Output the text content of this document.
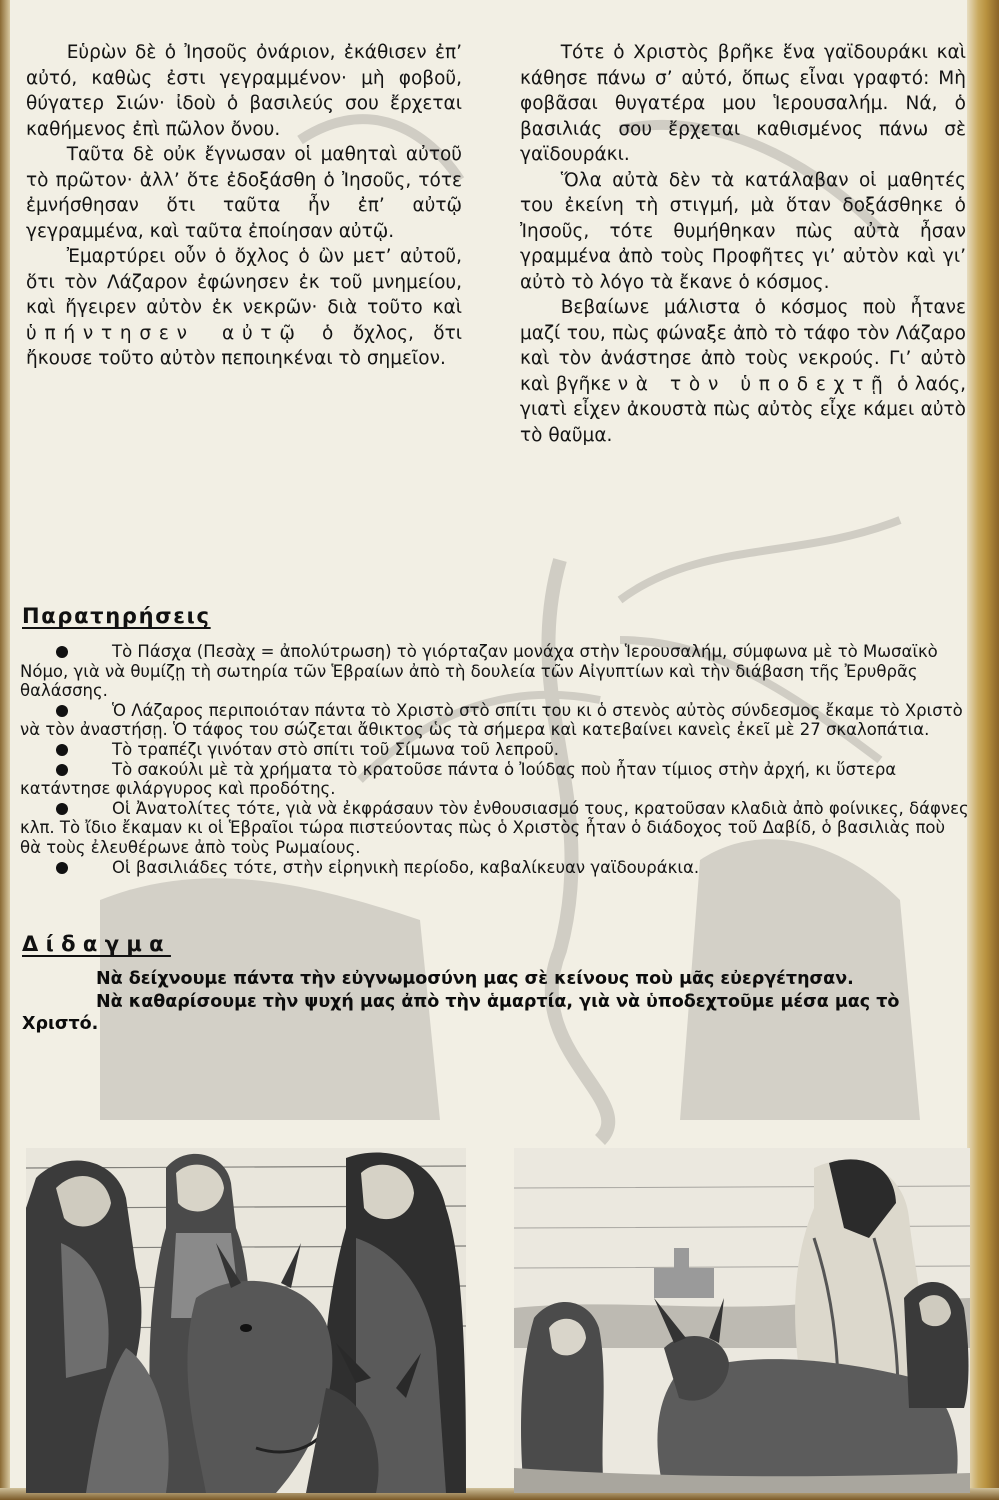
Εὑρὼν δὲ ὁ Ἰησοῦς ὀνάριον, ἐκάθισεν ἐπ’ αὐτό, καθὼς ἐστι γεγραμμένον· μὴ φοβοῦ, θύγατερ Σιών· ἰδοὺ ὁ βασιλεύς σου ἔρχεται καθήμενος ἐπὶ πῶλον ὄνου.

Ταῦτα δὲ οὐκ ἔγνωσαν οἱ μαθηταὶ αὐτοῦ τὸ πρῶτον· ἀλλ’ ὅτε ἐδοξάσθη ὁ Ἰησοῦς, τότε ἐμνήσθησαν ὅτι ταῦτα ἦν ἐπ’ αὐτῷ γεγραμμένα, καὶ ταῦτα ἐποίησαν αὐτῷ.

Ἐμαρτύρει οὖν ὁ ὄχλος ὁ ὢν μετ’ αὐτοῦ, ὅτι τὸν Λάζαρον ἐφώνησεν ἐκ τοῦ μνημείου, καὶ ἤγειρεν αὐτὸν ἐκ νεκρῶν· διὰ τοῦτο καὶ ὑπήντησεν αὐτῷ ὁ ὄχλος, ὅτι ἤκουσε τοῦτο αὐτὸν πεποιηκέναι τὸ σημεῖον.

Τότε ὁ Χριστὸς βρῆκε ἕνα γαϊδουράκι καὶ κάθησε πάνω σ’ αὐτό, ὅπως εἶναι γραφτό: Μὴ φοβᾶσαι θυγατέρα μου Ἱερουσαλήμ. Νά, ὁ βασιλιάς σου ἔρχεται καθισμένος πάνω σὲ γαϊδουράκι.

Ὅλα αὐτὰ δὲν τὰ κατάλαβαν οἱ μαθητές του ἐκείνη τὴ στιγμή, μὰ ὅταν δοξάσθηκε ὁ Ἰησοῦς, τότε θυμήθηκαν πὼς αὐτὰ ἦσαν γραμμένα ἀπὸ τοὺς Προφῆτες γι’ αὐτὸν καὶ γι’ αὐτὸ τὸ λόγο τὰ ἔκανε ὁ κόσμος.

Βεβαίωνε μάλιστα ὁ κόσμος ποὺ ἦτανε μαζί του, πὼς φώναξε ἀπὸ τὸ τάφο τὸν Λάζαρο καὶ τὸν ἀνάστησε ἀπὸ τοὺς νεκρούς. Γι’ αὐτὸ καὶ βγῆκε νὰ τὸν ὑποδεχτῇ ὁ λαός, γιατὶ εἶχεν ἀκουστὰ πὼς αὐτὸς εἶχε κάμει αὐτὸ τὸ θαῦμα.

Παρατηρήσεις
Τὸ Πάσχα (Πεσὰχ = ἀπολύτρωση) τὸ γιόρταζαν μονάχα στὴν Ἱερουσαλήμ, σύμφωνα μὲ τὸ Μωσαϊκὸ Νόμο, γιὰ νὰ θυμίζῃ τὴ σωτηρία τῶν Ἑβραίων ἀπὸ τὴ δουλεία τῶν Αἰγυπτίων καὶ τὴν διάβαση τῆς Ἐρυθρᾶς θαλάσσης.
Ὁ Λάζαρος περιποιόταν πάντα τὸ Χριστὸ στὸ σπίτι του κι ὁ στενὸς αὐτὸς σύνδεσμος ἔκαμε τὸ Χριστὸ νὰ τὸν ἀναστήσῃ. Ὁ τάφος του σώζεται ἄθικτος ὡς τὰ σήμερα καὶ κατεβαίνει κανεὶς ἐκεῖ μὲ 27 σκαλοπάτια.
Τὸ τραπέζι γινόταν στὸ σπίτι τοῦ Σίμωνα τοῦ λεπροῦ.
Τὸ σακούλι μὲ τὰ χρήματα τὸ κρατοῦσε πάντα ὁ Ἰούδας ποὺ ἦταν τίμιος στὴν ἀρχή, κι ὕστερα κατάντησε φιλάργυρος καὶ προδότης.
Οἱ Ἀνατολίτες τότε, γιὰ νὰ ἐκφράσαυν τὸν ἐνθουσιασμό τους, κρατοῦσαν κλαδιὰ ἀπὸ φοίνικες, δάφνες κλπ. Τὸ ἴδιο ἔκαμαν κι οἱ Ἑβραῖοι τώρα πιστεύοντας πὼς ὁ Χριστὸς ἦταν ὁ διάδοχος τοῦ Δαβίδ, ὁ βασιλιὰς ποὺ θὰ τοὺς ἐλευθέρωνε ἀπὸ τοὺς Ρωμαίους.
Οἱ βασιλιάδες τότε, στὴν εἰρηνικὴ περίοδο, καβαλίκευαν γαϊδουράκια.
Δίδαγμα

Νὰ δείχνουμε πάντα τὴν εὐγνωμοσύνη μας σὲ κείνους ποὺ μᾶς εὐεργέτησαν.

Νὰ καθαρίσουμε τὴν ψυχή μας ἀπὸ τὴν ἁμαρτία, γιὰ νὰ ὑποδεχτοῦμε μέσα μας τὸ Χριστό.
